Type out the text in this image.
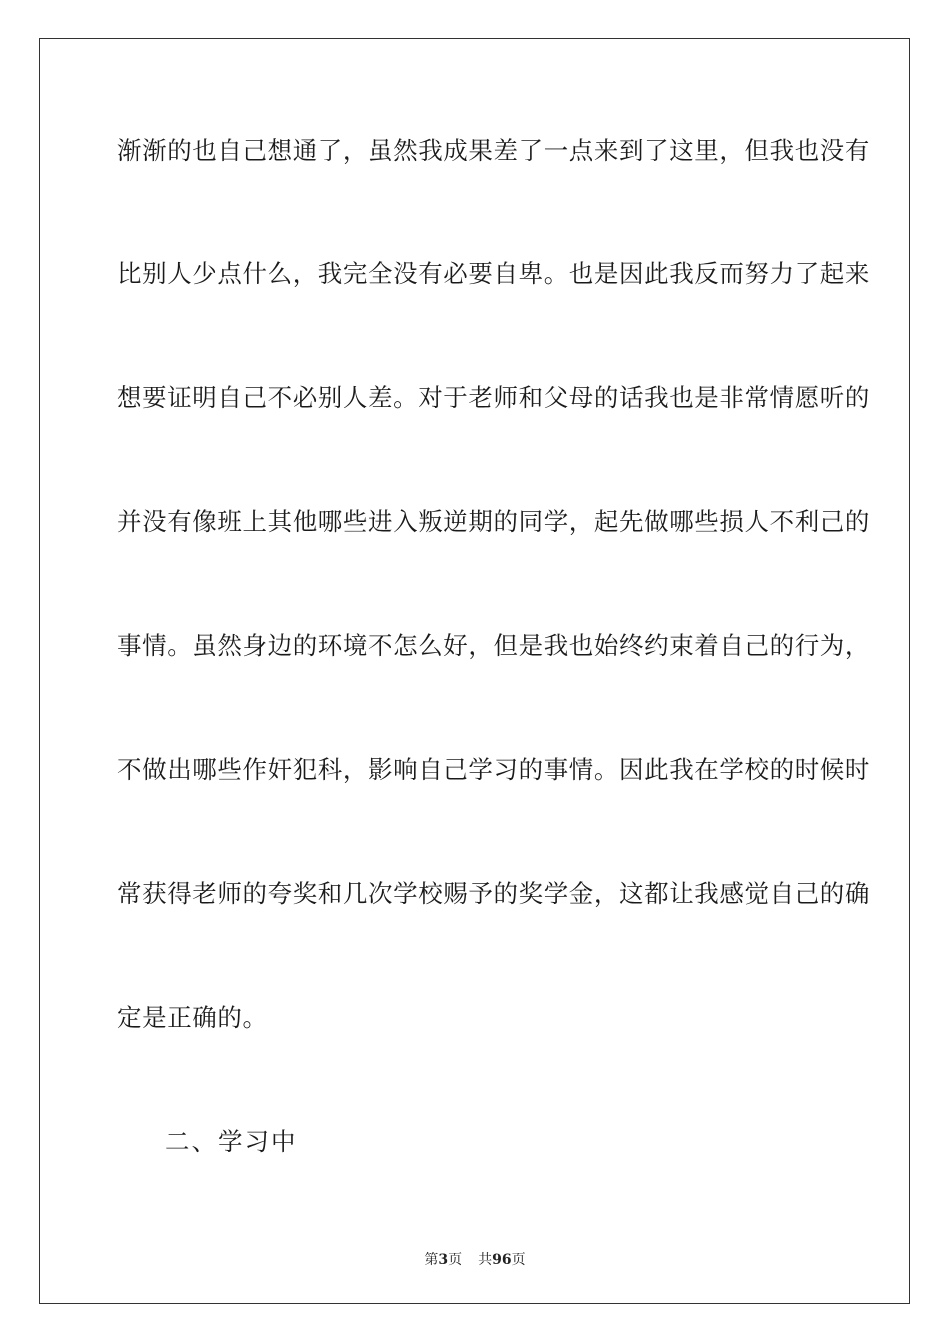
渐渐的也自己想通了，虽然我成果差了一点来到了这里，但我也没有

比别人少点什么，我完全没有必要自卑。也是因此我反而努力了起来

想要证明自己不必别人差。对于老师和父母的话我也是非常情愿听的

并没有像班上其他哪些进入叛逆期的同学，起先做哪些损人不利己的

事情。虽然身边的环境不怎么好，但是我也始终约束着自己的行为，

不做出哪些作奸犯科，影响自己学习的事情。因此我在学校的时候时

常获得老师的夸奖和几次学校赐予的奖学金，这都让我感觉自己的确

定是正确的。

二、学习中

第3页 共96页
